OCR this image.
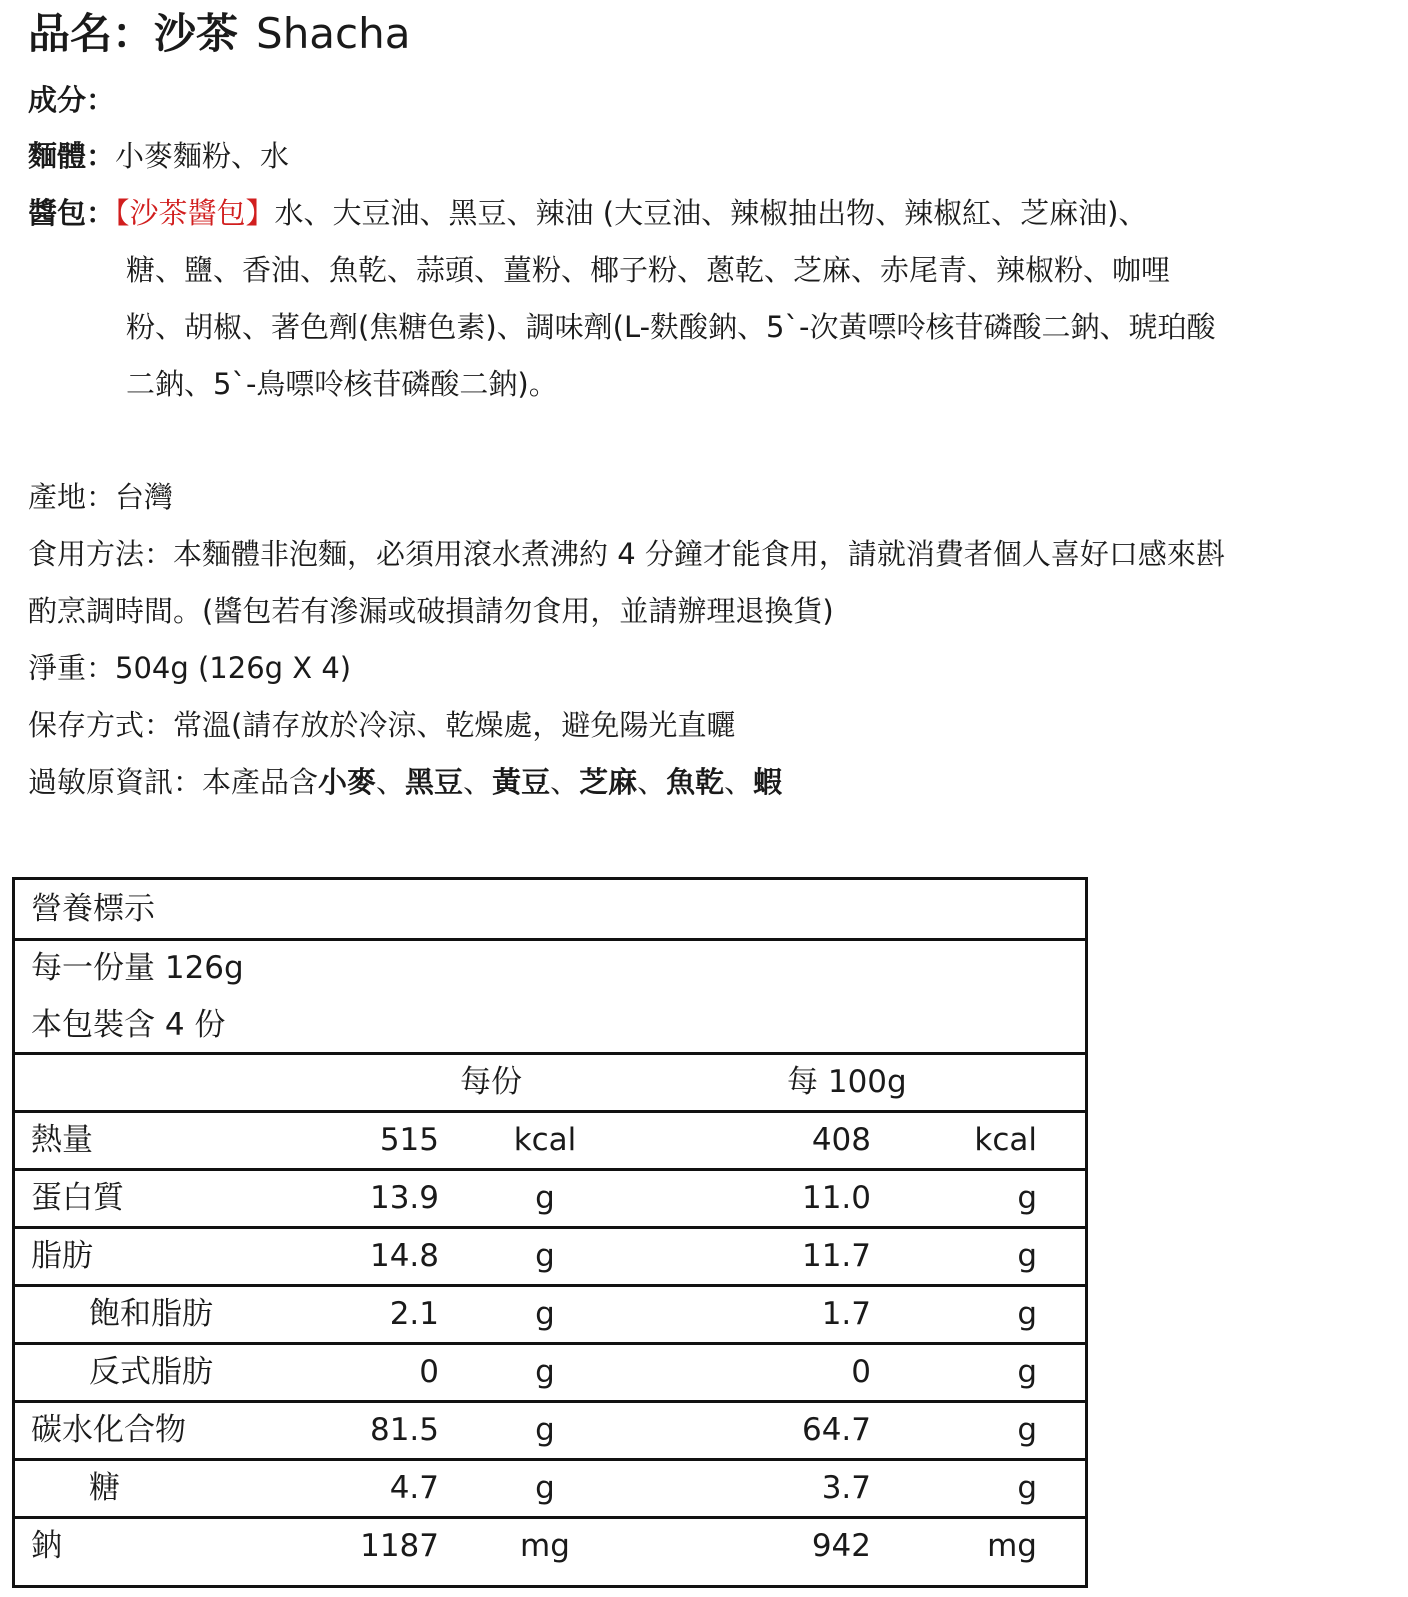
品名：沙茶 Shacha
成分：
麵體：小麥麵粉、水
醬包：【沙茶醬包】水、大豆油、黑豆、辣油 (大豆油、辣椒抽出物、辣椒紅、芝麻油)、
糖、鹽、香油、魚乾、蒜頭、薑粉、椰子粉、蔥乾、芝麻、赤尾青、辣椒粉、咖哩
粉、胡椒、著色劑(焦糖色素)、調味劑(L-麩酸鈉、5`-次黃嘌呤核苷磷酸二鈉、琥珀酸
二鈉、5`-鳥嘌呤核苷磷酸二鈉)。
產地：台灣
食用方法：本麵體非泡麵，必須用滾水煮沸約 4 分鐘才能食用，請就消費者個人喜好口感來斟
酌烹調時間。(醬包若有滲漏或破損請勿食用，並請辦理退換貨)
淨重：504g (126g X 4)
保存方式：常溫(請存放於冷涼、乾燥處，避免陽光直曬
過敏原資訊：本產品含小麥、黑豆、黃豆、芝麻、魚乾、蝦
營養標示
每一份量 126g
本包裝含 4 份
每份	每 100g
熱量	515	kcal	408	kcal
蛋白質	13.9	g	11.0	g
脂肪	14.8	g	11.7	g
飽和脂肪	2.1	g	1.7	g
反式脂肪	0	g	0	g
碳水化合物	81.5	g	64.7	g
糖	4.7	g	3.7	g
鈉	1187	mg	942	mg
